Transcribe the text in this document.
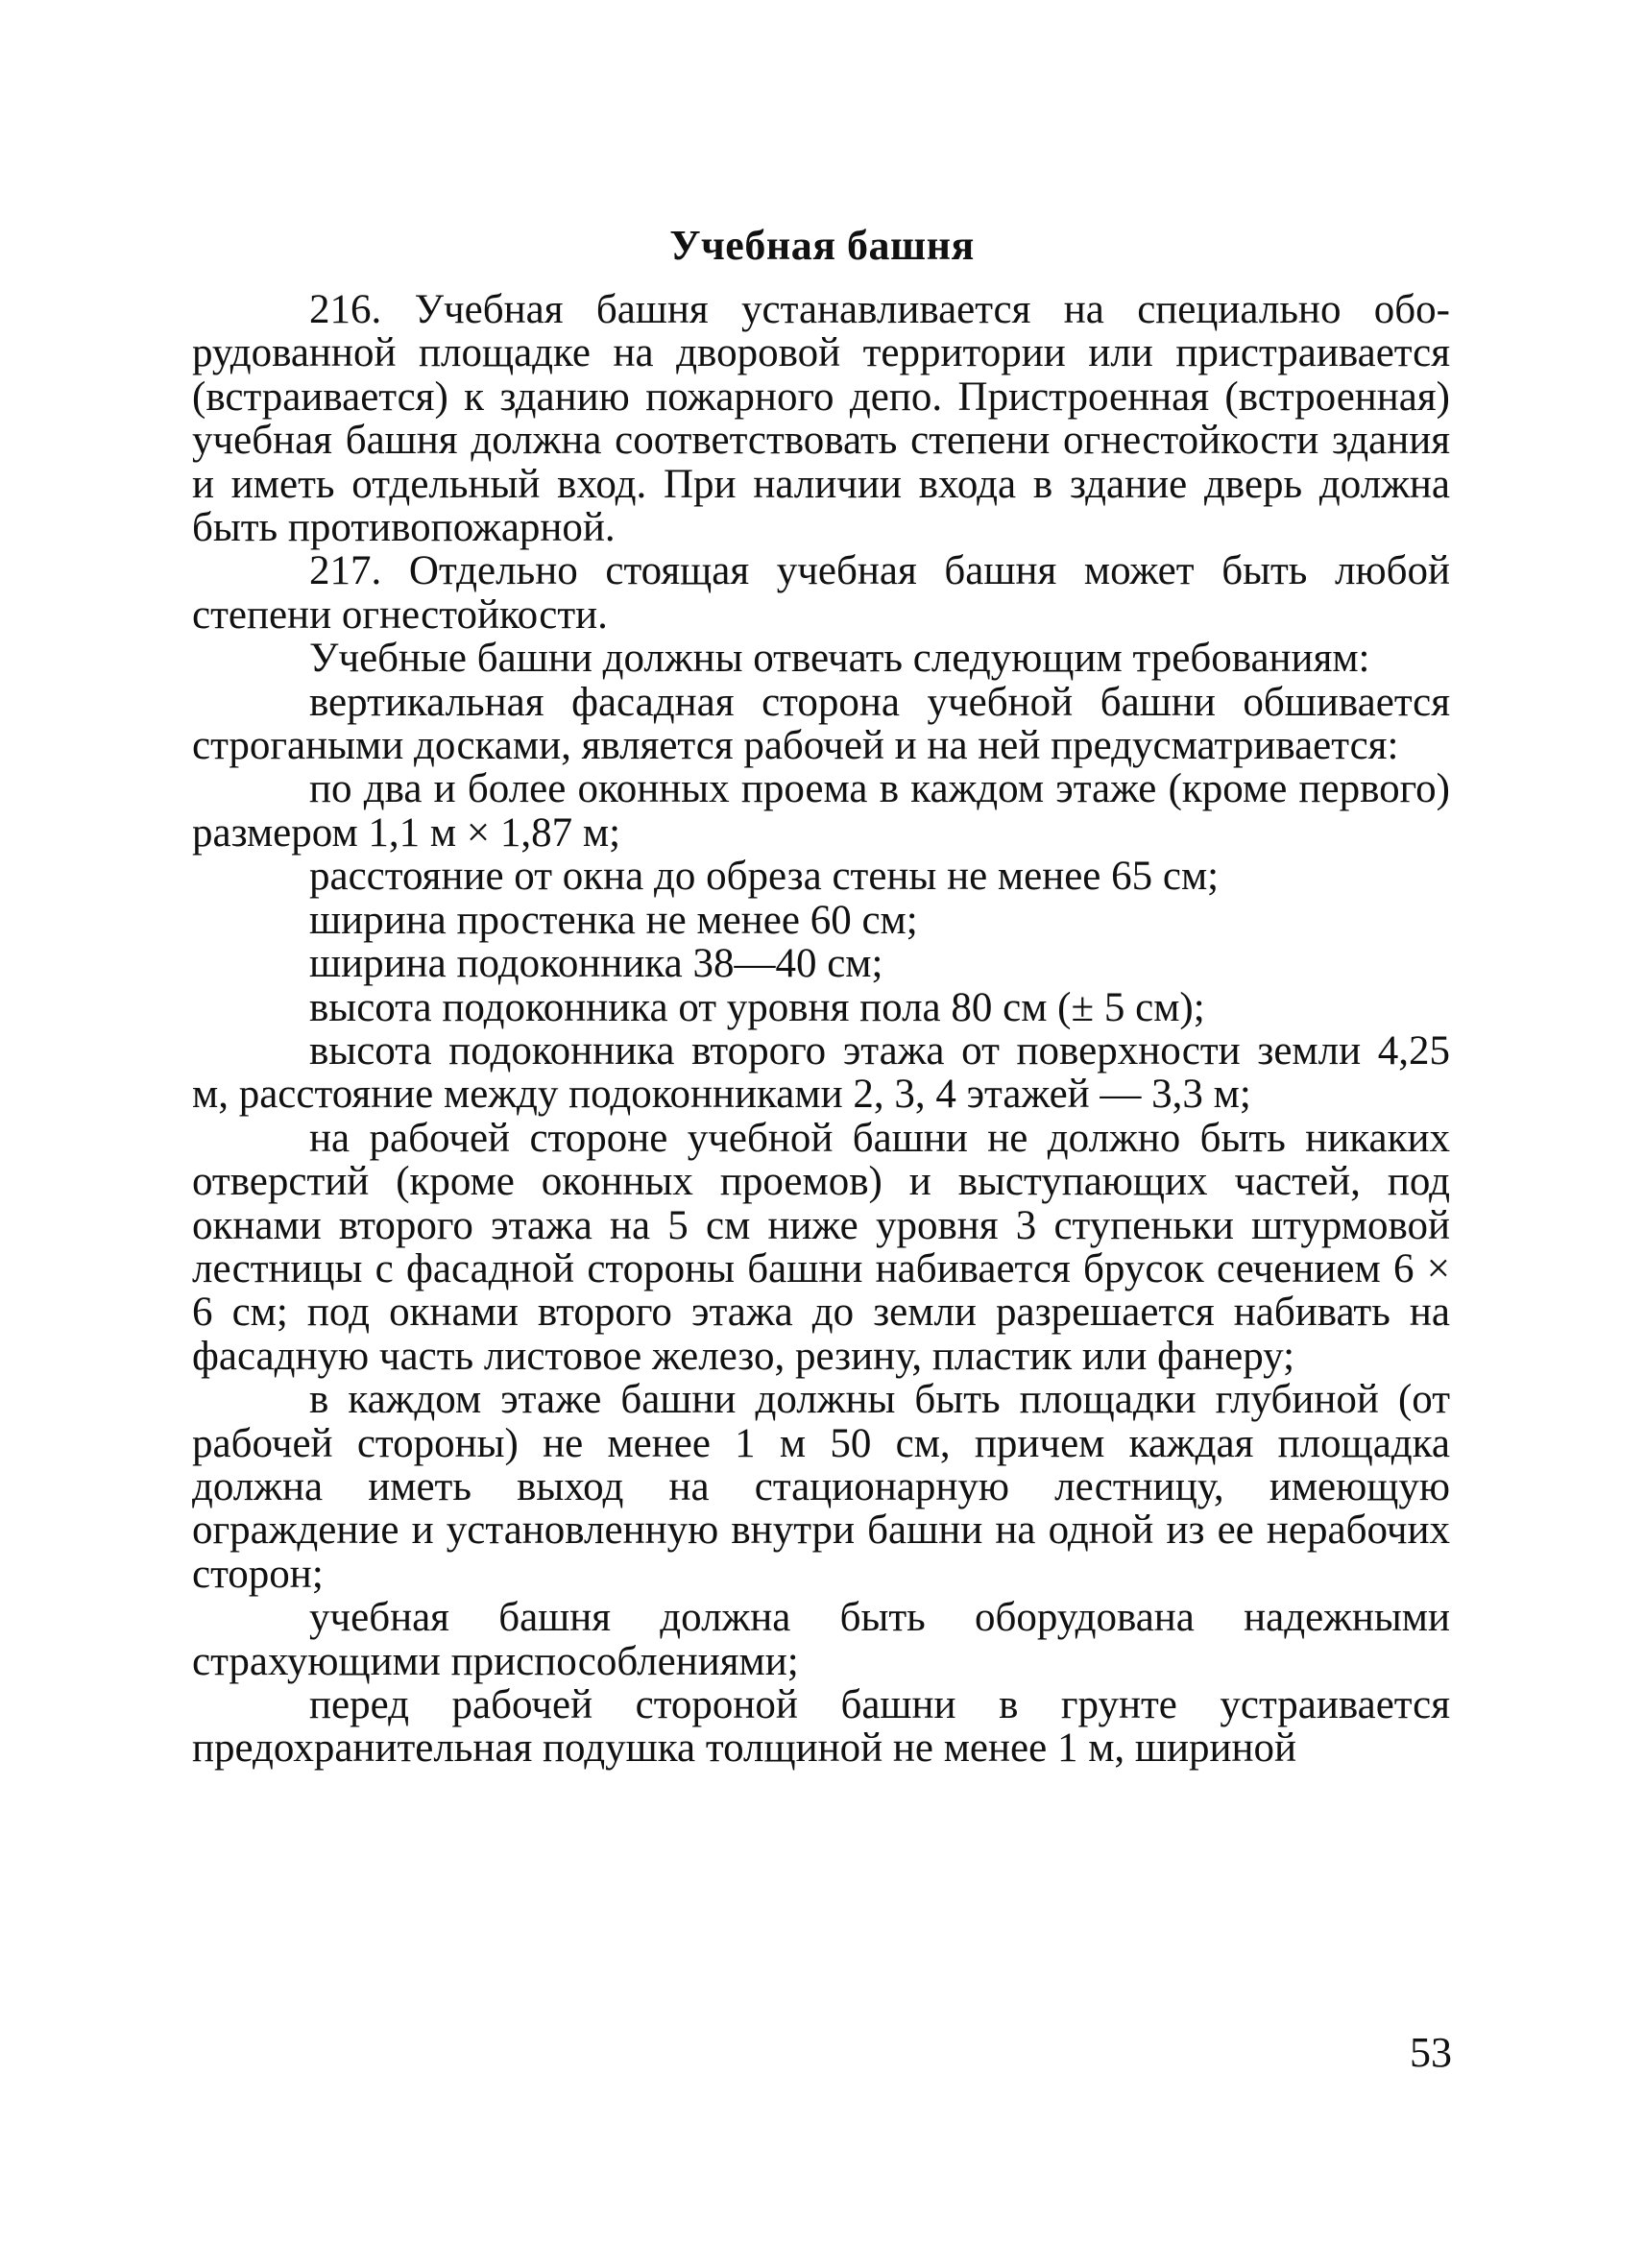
Учебная башня

216. Учебная башня устанавливается на специально оборудованной площадке на дворовой территории или пристраивается (встраивается) к зданию пожарного депо. Пристроенная (встроенная) учебная башня должна соответствовать степени огнестойкости здания и иметь отдельный вход. При наличии входа в здание дверь должна быть противопожарной.

217. Отдельно стоящая учебная башня может быть любой степени огнестойкости.

Учебные башни должны отвечать следующим требованиям:

вертикальная фасадная сторона учебной башни обшивается строгаными досками, является рабочей и на ней предусматривается:

по два и более оконных проема в каждом этаже (кроме первого) размером 1,1 м × 1,87 м;

расстояние от окна до обреза стены не менее 65 см;

ширина простенка не менее 60 см;

ширина подоконника 38—40 см;

высота подоконника от уровня пола 80 см (± 5 см);

высота подоконника второго этажа от поверхности земли 4,25 м, расстояние между подоконниками 2, 3, 4 этажей — 3,3 м;

на рабочей стороне учебной башни не должно быть никаких отверстий (кроме оконных проемов) и выступающих частей, под окнами второго этажа на 5 см ниже уровня 3 ступеньки штурмовой лестницы с фасадной стороны башни набивается брусок сечением 6 × 6 см; под окнами второго этажа до земли разрешается набивать на фасадную часть листовое железо, резину, пластик или фанеру;

в каждом этаже башни должны быть площадки глубиной (от рабочей стороны) не менее 1 м 50 см, причем каждая площадка должна иметь выход на стационарную лестницу, имеющую ограждение и установленную внутри башни на одной из ее нерабочих сторон;

учебная башня должна быть оборудована надежными страхующими приспособлениями;

перед рабочей стороной башни в грунте устраивается предохранительная подушка толщиной не менее 1 м, шириной

53
